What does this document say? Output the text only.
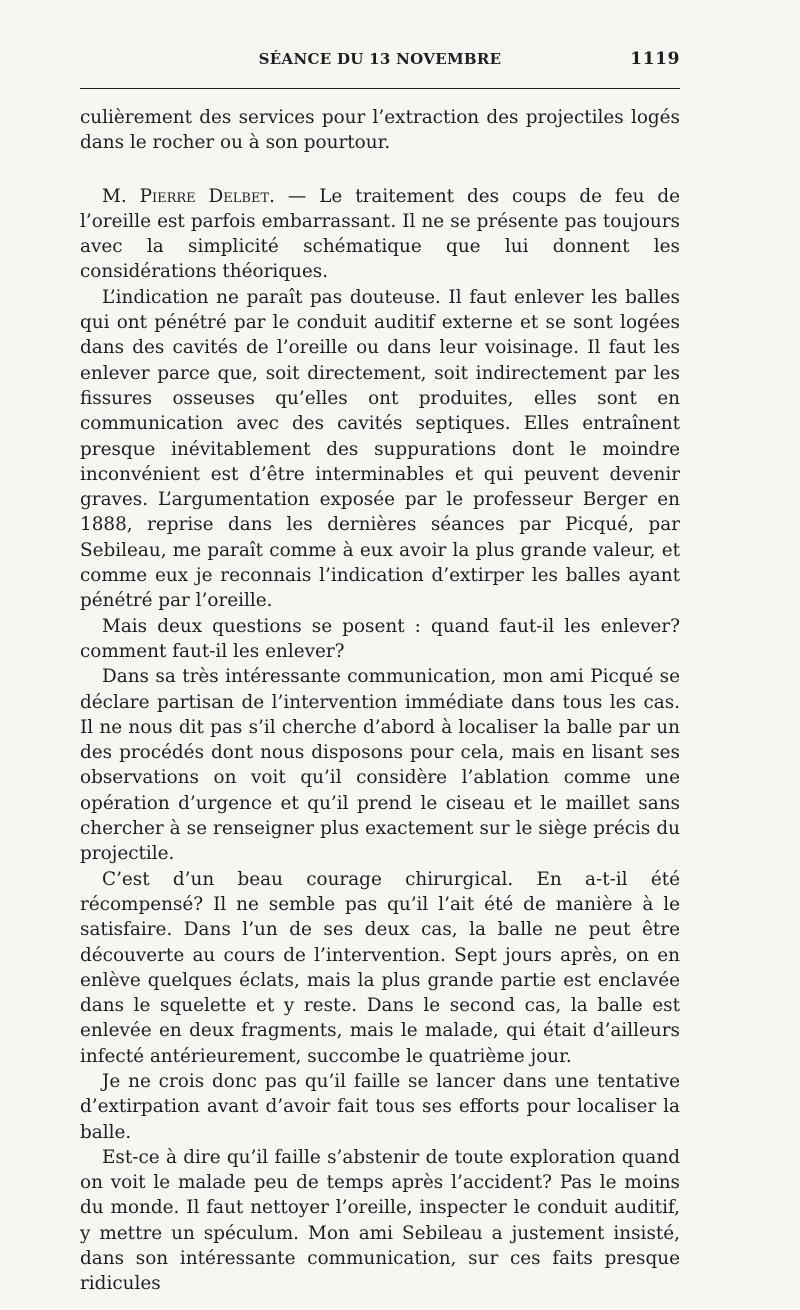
SÉANCE DU 13 NOVEMBRE	1119

culièrement des services pour l’extraction des projectiles logés dans le rocher ou à son pourtour.

M. Pierre Delbet. — Le traitement des coups de feu de l’oreille est parfois embarrassant. Il ne se présente pas toujours avec la simplicité schématique que lui donnent les considérations théoriques.

L’indication ne paraît pas douteuse. Il faut enlever les balles qui ont pénétré par le conduit auditif externe et se sont logées dans des cavités de l’oreille ou dans leur voisinage. Il faut les enlever parce que, soit directement, soit indirectement par les fissures osseuses qu’elles ont produites, elles sont en communication avec des cavités septiques. Elles entraînent presque inévitablement des suppurations dont le moindre inconvénient est d’être interminables et qui peuvent devenir graves. L’argumentation exposée par le professeur Berger en 1888, reprise dans les dernières séances par Picqué, par Sebileau, me paraît comme à eux avoir la plus grande valeur, et comme eux je reconnais l’indication d’extirper les balles ayant pénétré par l’oreille.

Mais deux questions se posent : quand faut-il les enlever? comment faut-il les enlever?

Dans sa très intéressante communication, mon ami Picqué se déclare partisan de l’intervention immédiate dans tous les cas. Il ne nous dit pas s’il cherche d’abord à localiser la balle par un des procédés dont nous disposons pour cela, mais en lisant ses observations on voit qu’il considère l’ablation comme une opération d’urgence et qu’il prend le ciseau et le maillet sans chercher à se renseigner plus exactement sur le siège précis du projectile.

C’est d’un beau courage chirurgical. En a-t-il été récompensé? Il ne semble pas qu’il l’ait été de manière à le satisfaire. Dans l’un de ses deux cas, la balle ne peut être découverte au cours de l’intervention. Sept jours après, on en enlève quelques éclats, mais la plus grande partie est enclavée dans le squelette et y reste. Dans le second cas, la balle est enlevée en deux fragments, mais le malade, qui était d’ailleurs infecté antérieurement, succombe le quatrième jour.

Je ne crois donc pas qu’il faille se lancer dans une tentative d’extirpation avant d’avoir fait tous ses efforts pour localiser la balle.

Est-ce à dire qu’il faille s’abstenir de toute exploration quand on voit le malade peu de temps après l’accident? Pas le moins du monde. Il faut nettoyer l’oreille, inspecter le conduit auditif, y mettre un spéculum. Mon ami Sebileau a justement insisté, dans son intéressante communication, sur ces faits presque ridicules
